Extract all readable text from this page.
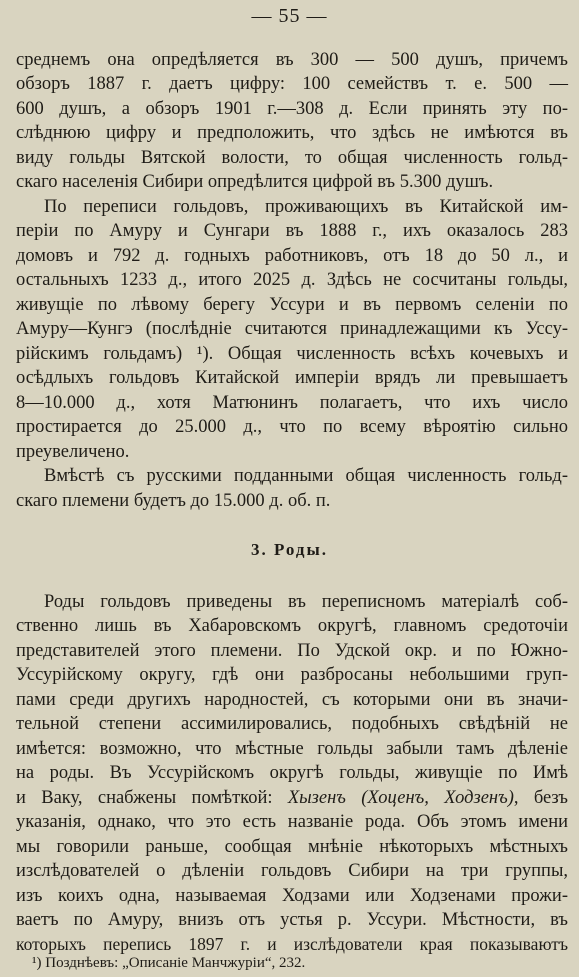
— 55 —
среднемъ она опредѣляется въ 300 — 500 душъ, причемъ
обзоръ 1887 г. даетъ цифру: 100 семействъ т. е. 500 —
600 душъ, а обзоръ 1901 г.—308 д. Если принять эту по-
слѣднюю цифру и предположить, что здѣсь не имѣются въ
виду гольды Вятской волости, то общая численность гольд-
скаго населенія Сибири опредѣлится цифрой въ 5.300 душъ.
По переписи гольдовъ, проживающихъ въ Китайской им-
періи по Амуру и Сунгари въ 1888 г., ихъ оказалось 283
домовъ и 792 д. годныхъ работниковъ, отъ 18 до 50 л., и
остальныхъ 1233 д., итого 2025 д. Здѣсь не сосчитаны гольды,
живущіе по лѣвому берегу Уссури и въ первомъ селеніи по
Амуру—Кунгэ (послѣдніе считаются принадлежащими къ Уссу-
рійскимъ гольдамъ) ¹). Общая численность всѣхъ кочевыхъ и
осѣдлыхъ гольдовъ Китайской имперіи врядъ ли превышаетъ
8—10.000 д., хотя Матюнинъ полагаетъ, что ихъ число
простирается до 25.000 д., что по всему вѣроятію сильно
преувеличено.
Вмѣстѣ съ русскими подданными общая численность гольд-
скаго племени будетъ до 15.000 д. об. п.
3. Роды.
Роды гольдовъ приведены въ переписномъ матеріалѣ соб-
ственно лишь въ Хабаровскомъ округѣ, главномъ средоточіи
представителей этого племени. По Удской окр. и по Южно-
Уссурійскому округу, гдѣ они разбросаны небольшими груп-
пами среди другихъ народностей, съ которыми они въ значи-
тельной степени ассимилировались, подобныхъ свѣдѣній не
имѣется: возможно, что мѣстные гольды забыли тамъ дѣленіе
на роды. Въ Уссурійскомъ округѣ гольды, живущіе по Имѣ
и Ваку, снабжены помѣткой: Хызенъ (Хоценъ, Ходзенъ), безъ
указанія, однако, что это есть названіе рода. Объ этомъ имени
мы говорили раньше, сообщая мнѣніе нѣкоторыхъ мѣстныхъ
изслѣдователей о дѣленіи гольдовъ Сибири на три группы,
изъ коихъ одна, называемая Ходзами или Ходзенами прожи-
ваетъ по Амуру, внизъ отъ устья р. Уссури. Мѣстности, въ
которыхъ перепись 1897 г. и изслѣдователи края показываютъ
¹) Позднѣевъ: „Описаніе Манчжуріи“, 232.
